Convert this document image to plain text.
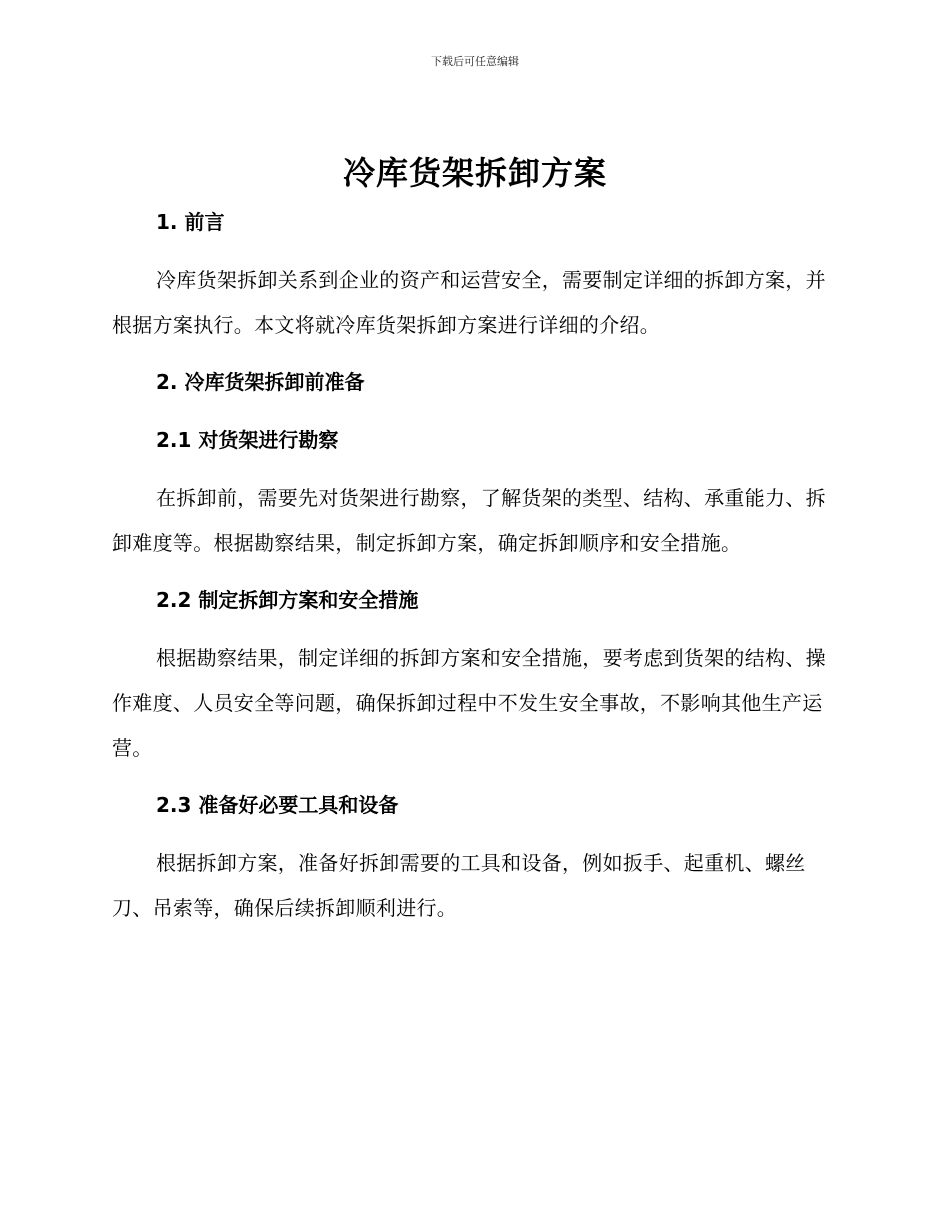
下载后可任意编辑
冷库货架拆卸方案
1. 前言

冷库货架拆卸关系到企业的资产和运营安全，需要制定详细的拆卸方案，并根据方案执行。本文将就冷库货架拆卸方案进行详细的介绍。

2. 冷库货架拆卸前准备
2.1 对货架进行勘察

在拆卸前，需要先对货架进行勘察，了解货架的类型、结构、承重能力、拆卸难度等。根据勘察结果，制定拆卸方案，确定拆卸顺序和安全措施。

2.2 制定拆卸方案和安全措施

根据勘察结果，制定详细的拆卸方案和安全措施，要考虑到货架的结构、操作难度、人员安全等问题，确保拆卸过程中不发生安全事故，不影响其他生产运营。

2.3 准备好必要工具和设备

根据拆卸方案，准备好拆卸需要的工具和设备，例如扳手、起重机、螺丝刀、吊索等，确保后续拆卸顺利进行。
